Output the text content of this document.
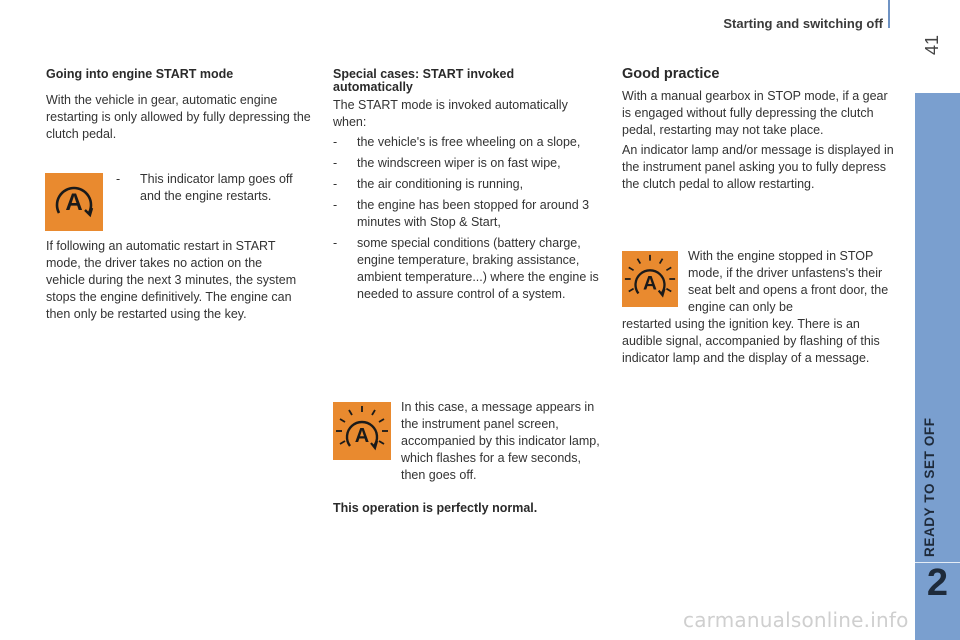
Starting and switching off
41
READY TO SET OFF
2
Going into engine START mode
With the vehicle in gear, automatic engine restarting is only allowed by fully depressing the clutch pedal.
A
- This indicator lamp goes off and the engine restarts.
If following an automatic restart in START mode, the driver takes no action on the vehicle during the next 3 minutes, the system stops the engine definitively. The engine can then only be restarted using the key.
Special cases: START invoked automatically
The START mode is invoked automatically when:
- the vehicle's is free wheeling on a slope,
- the windscreen wiper is on fast wipe,
- the air conditioning is running,
- the engine has been stopped for around 3 minutes with Stop & Start,
- some special conditions (battery charge, engine temperature, braking assistance, ambient temperature...) where the engine is needed to assure control of a system.
A
In this case, a message appears in the instrument panel screen, accompanied by this indicator lamp, which flashes for a few seconds, then goes off.
This operation is perfectly normal.
Good practice
With a manual gearbox in STOP mode, if a gear is engaged without fully depressing the clutch pedal, restarting may not take place.
An indicator lamp and/or message is displayed in the instrument panel asking you to fully depress the clutch pedal to allow restarting.
A
With the engine stopped in STOP mode, if the driver unfastens's their seat belt and opens a front door, the engine can only be
restarted using the ignition key. There is an audible signal, accompanied by flashing of this indicator lamp and the display of a message.
carmanualsonline.info
